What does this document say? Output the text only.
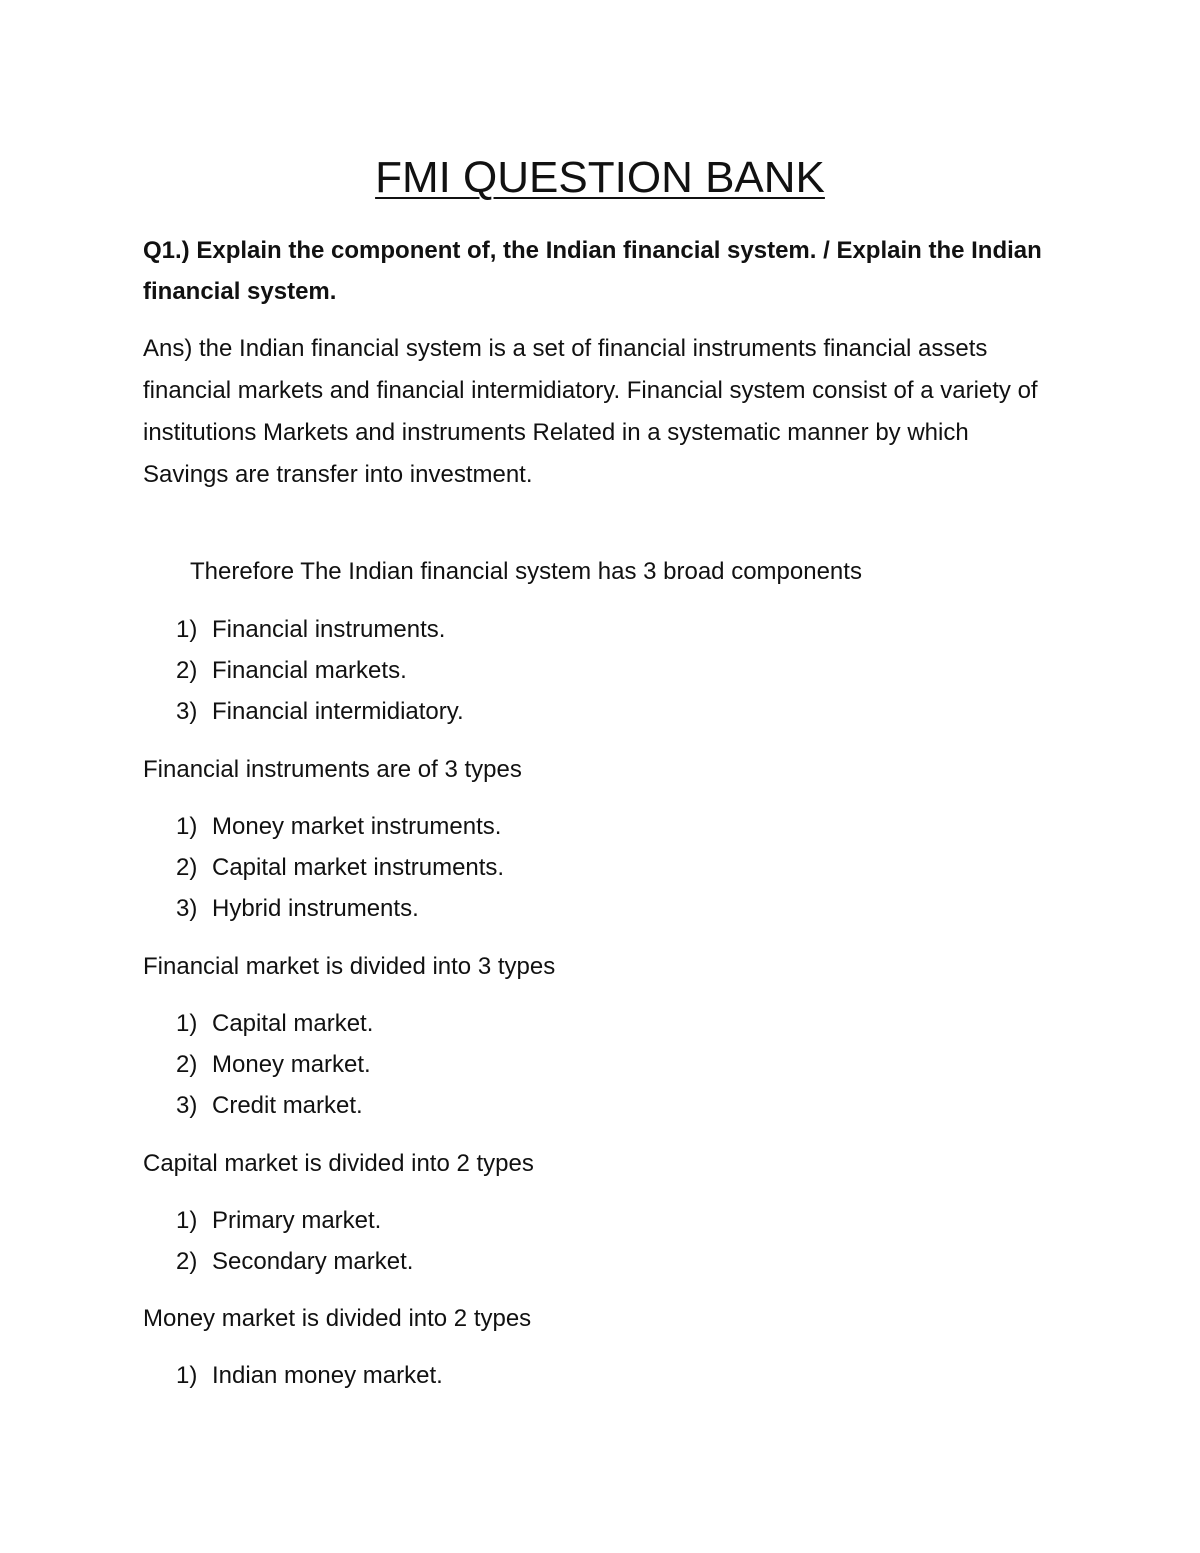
FMI QUESTION BANK
Q1.) Explain the component of, the Indian financial system. / Explain the Indian financial system.
Ans) the Indian financial system is a set of financial instruments financial assets financial markets and financial intermidiatory. Financial system consist of a variety of institutions Markets and instruments Related in a systematic manner by which Savings are transfer into investment.
Therefore The Indian financial system has 3 broad components
1) Financial instruments.
2) Financial markets.
3) Financial intermidiatory.
Financial instruments are of 3 types
1) Money market instruments.
2) Capital market instruments.
3) Hybrid instruments.
Financial market is divided into 3 types
1) Capital market.
2) Money market.
3) Credit market.
Capital market is divided into 2 types
1) Primary market.
2) Secondary market.
Money market is divided into 2 types
1) Indian money market.
